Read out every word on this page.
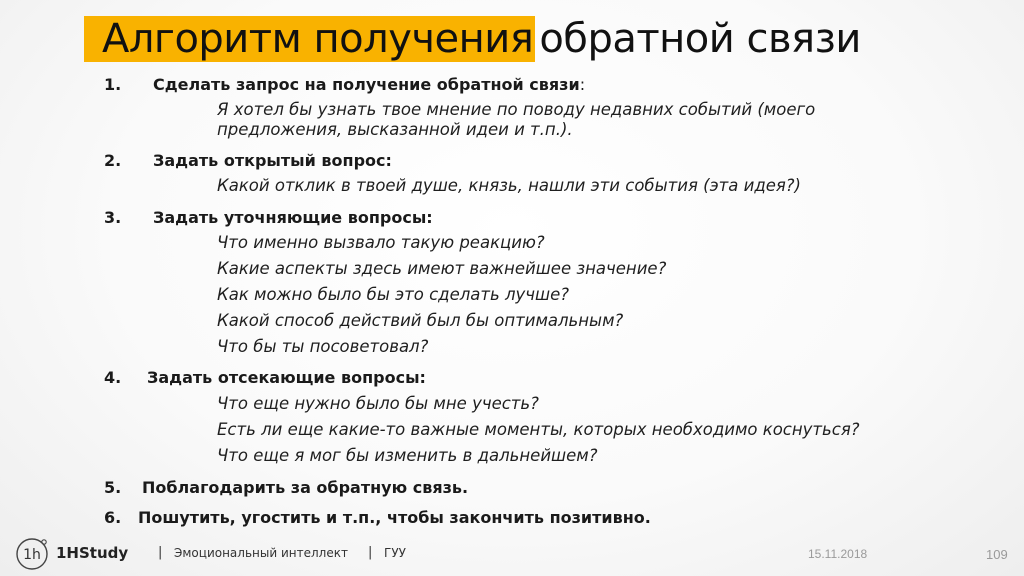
Алгоритм получения обратной связи
1. Сделать запрос на получение обратной связи:
Я хотел бы узнать твое мнение по поводу недавних событий (моего
предложения, высказанной идеи и т.п.).
2. Задать открытый вопрос:
Какой отклик в твоей душе, князь, нашли эти события (эта идея?)
3. Задать уточняющие вопросы:
Что именно вызвало такую реакцию?
Какие аспекты здесь имеют важнейшее значение?
Как можно было бы это сделать лучше?
Какой способ действий был бы оптимальным?
Что бы ты посоветовал?
4. Задать отсекающие вопросы:
Что еще нужно было бы мне учесть?
Есть ли еще какие-то важные моменты, которых необходимо коснуться?
Что еще я мог бы изменить в дальнейшем?
5. Поблагодарить за обратную связь.
6. Пошутить, угостить и т.п., чтобы закончить позитивно.
1h 1HStudy | Эмоциональный интеллект | ГУУ	15.11.2018	109
